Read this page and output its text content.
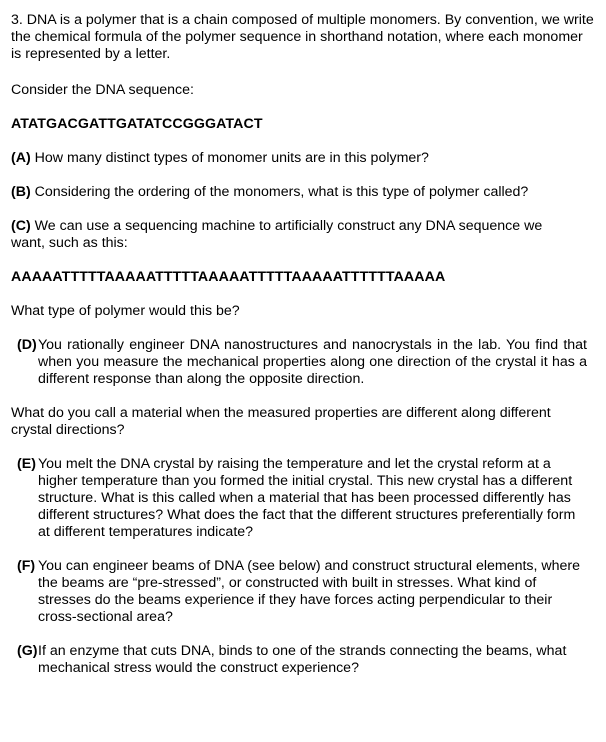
3. DNA is a polymer that is a chain composed of multiple monomers. By convention, we write the chemical formula of the polymer sequence in shorthand notation, where each monomer is represented by a letter.

Consider the DNA sequence:

ATATGACGATTGATATCCGGGATACT

(A) How many distinct types of monomer units are in this polymer?

(B) Considering the ordering of the monomers, what is this type of polymer called?

(C) We can use a sequencing machine to artificially construct any DNA sequence we want, such as this:

AAAAATTTTTAAAAATTTTTAAAAATTTTTAAAAATTTTTTAAAAA

What type of polymer would this be?

(D) You rationally engineer DNA nanostructures and nanocrystals in the lab. You find that when you measure the mechanical properties along one direction of the crystal it has a different response than along the opposite direction.

What do you call a material when the measured properties are different along different crystal directions?

(E) You melt the DNA crystal by raising the temperature and let the crystal reform at a higher temperature than you formed the initial crystal. This new crystal has a different structure. What is this called when a material that has been processed differently has different structures? What does the fact that the different structures preferentially form at different temperatures indicate?
(F) You can engineer beams of DNA (see below) and construct structural elements, where the beams are “pre-stressed”, or constructed with built in stresses. What kind of stresses do the beams experience if they have forces acting perpendicular to their cross-sectional area?
(G) If an enzyme that cuts DNA, binds to one of the strands connecting the beams, what mechanical stress would the construct experience?
